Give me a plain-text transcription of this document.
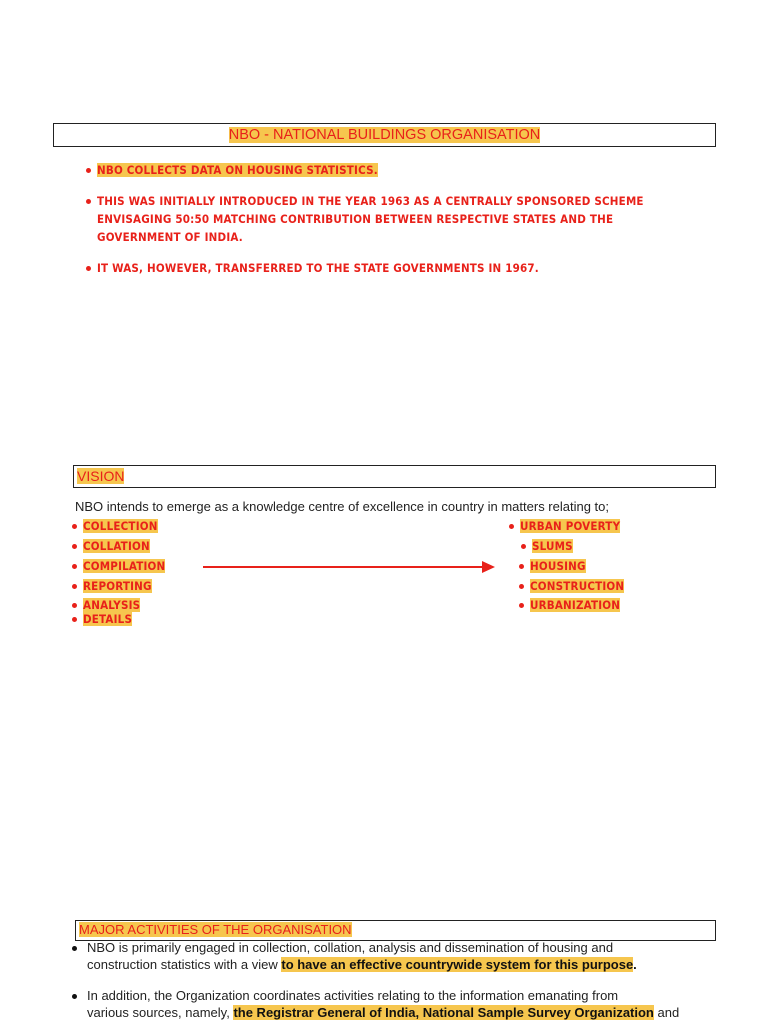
NBO - NATIONAL BUILDINGS ORGANISATION
NBO COLLECTS DATA ON HOUSING STATISTICS.
THIS WAS INITIALLY INTRODUCED IN THE YEAR 1963 AS A CENTRALLY SPONSORED SCHEME
ENVISAGING 50:50 MATCHING CONTRIBUTION BETWEEN RESPECTIVE STATES AND THE
GOVERNMENT OF INDIA.
IT WAS, HOWEVER, TRANSFERRED TO THE STATE GOVERNMENTS IN 1967.
VISION
NBO intends to emerge as a knowledge centre of excellence in country in matters relating to;
COLLECTION
COLLATION
COMPILATION
REPORTING
ANALYSIS
DETAILS
URBAN POVERTY
SLUMS
HOUSING
CONSTRUCTION
URBANIZATION
MAJOR ACTIVITIES OF THE ORGANISATION
NBO is primarily engaged in collection, collation, analysis and dissemination of housing and
construction statistics with a view to have an effective countrywide system for this purpose.
In addition, the Organization coordinates activities relating to the information emanating from
various sources, namely, the Registrar General of India, National Sample Survey Organization and
